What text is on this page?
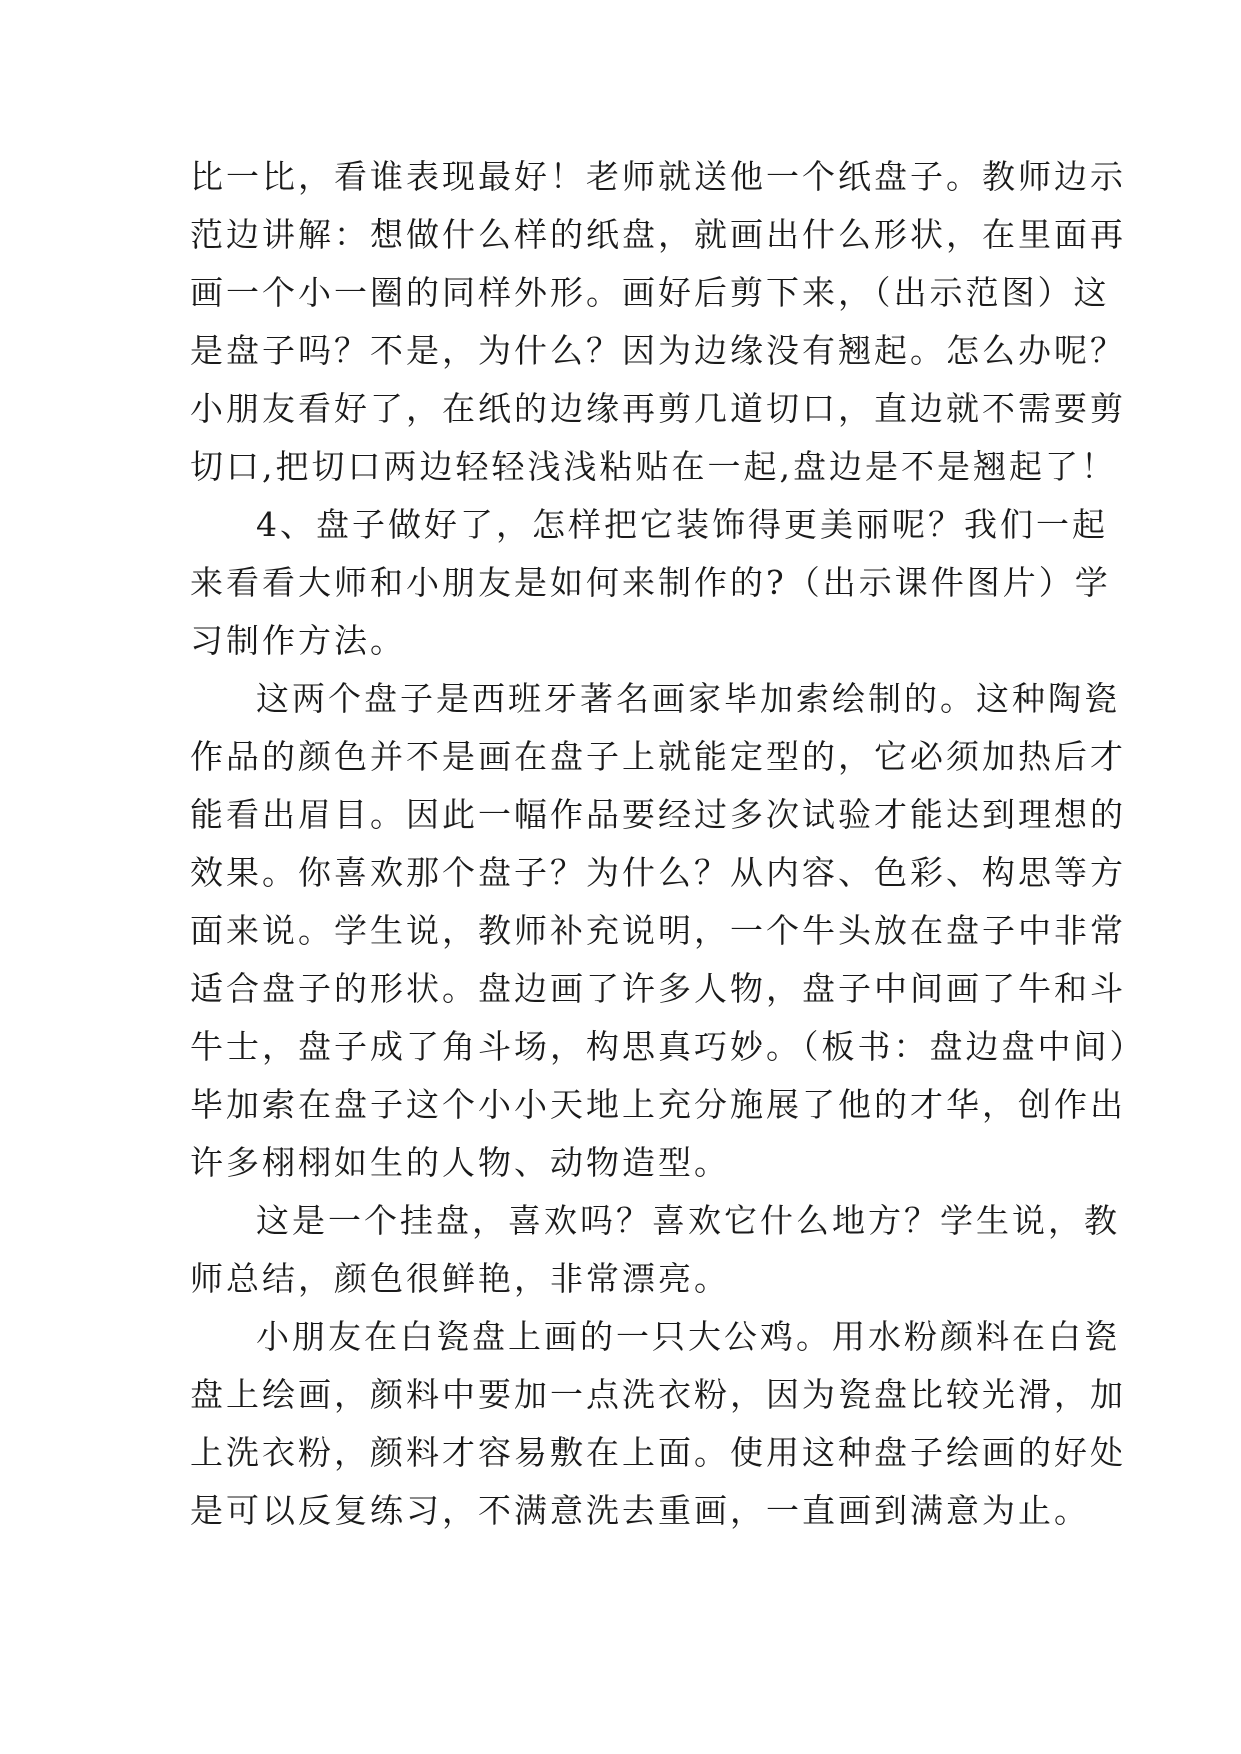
比一比，看谁表现最好！老师就送他一个纸盘子。教师边示
范边讲解：想做什么样的纸盘，就画出什么形状，在里面再
画一个小一圈的同样外形。画好后剪下来，（出示范图）这
是盘子吗？不是，为什么？因为边缘没有翘起。怎么办呢？
小朋友看好了，在纸的边缘再剪几道切口，直边就不需要剪
切口,把切口两边轻轻浅浅粘贴在一起,盘边是不是翘起了！
4、盘子做好了，怎样把它装饰得更美丽呢？我们一起
来看看大师和小朋友是如何来制作的?（出示课件图片）学
习制作方法。
这两个盘子是西班牙著名画家毕加索绘制的。这种陶瓷
作品的颜色并不是画在盘子上就能定型的，它必须加热后才
能看出眉目。因此一幅作品要经过多次试验才能达到理想的
效果。你喜欢那个盘子？为什么？从内容、色彩、构思等方
面来说。学生说，教师补充说明，一个牛头放在盘子中非常
适合盘子的形状。盘边画了许多人物，盘子中间画了牛和斗
牛士，盘子成了角斗场，构思真巧妙。（板书：盘边盘中间）
毕加索在盘子这个小小天地上充分施展了他的才华，创作出
许多栩栩如生的人物、动物造型。
这是一个挂盘，喜欢吗？喜欢它什么地方？学生说，教
师总结，颜色很鲜艳，非常漂亮。
小朋友在白瓷盘上画的一只大公鸡。用水粉颜料在白瓷
盘上绘画，颜料中要加一点洗衣粉，因为瓷盘比较光滑，加
上洗衣粉，颜料才容易敷在上面。使用这种盘子绘画的好处
是可以反复练习，不满意洗去重画，一直画到满意为止。
